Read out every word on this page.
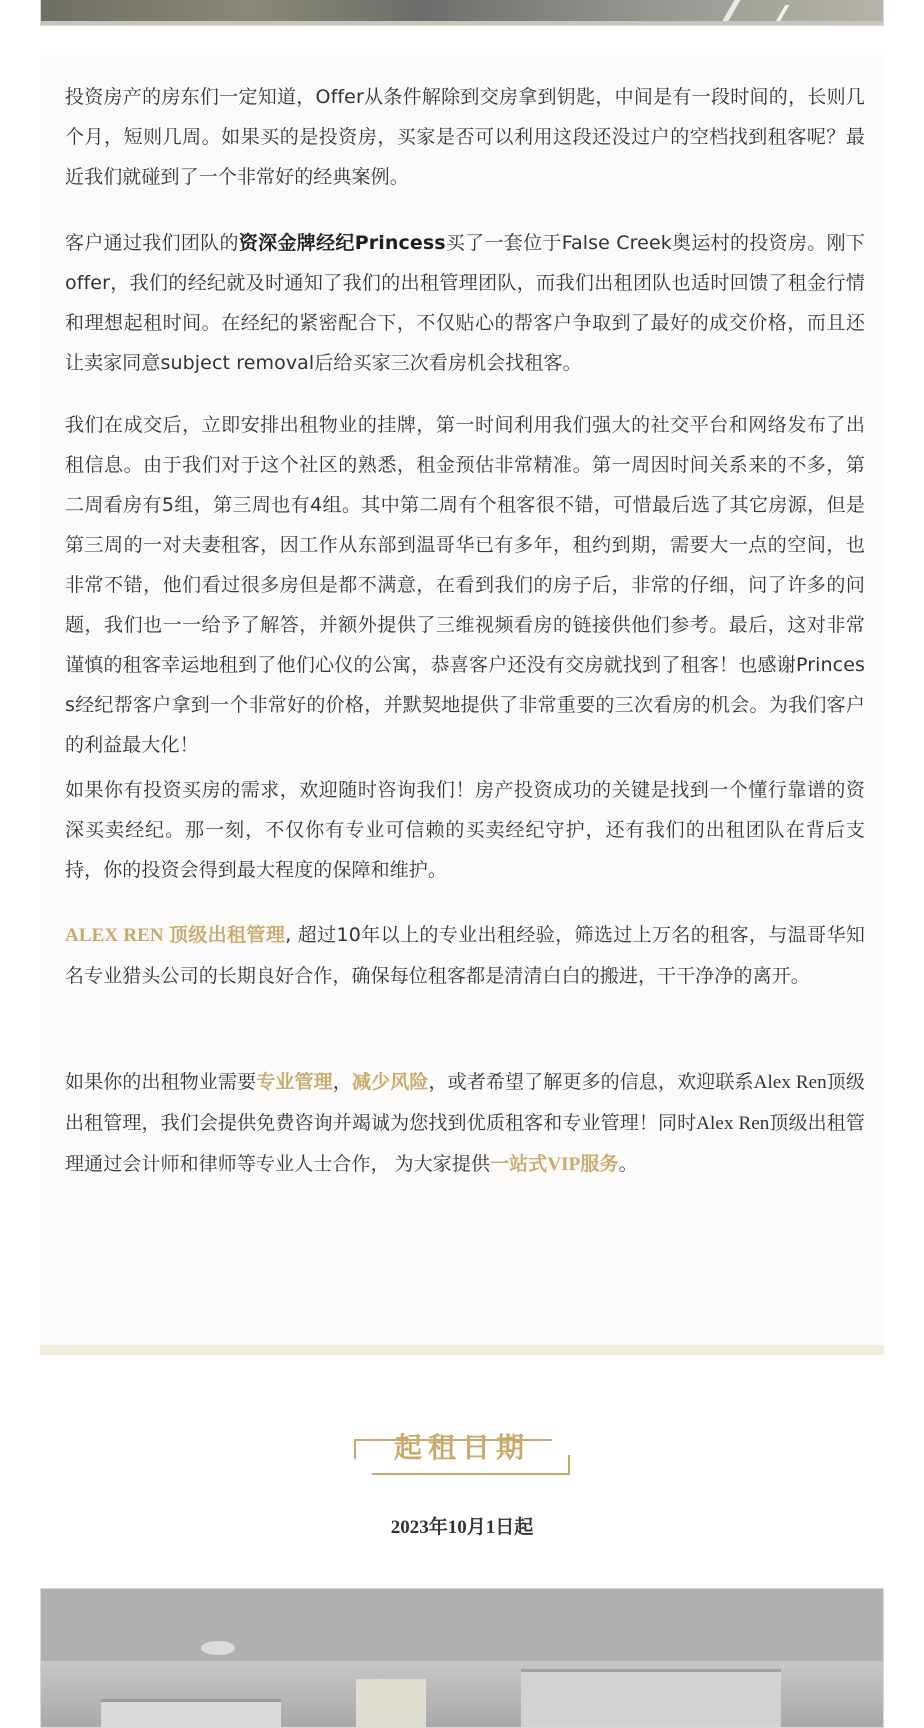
投资房产的房东们一定知道，Offer从条件解除到交房拿到钥匙，中间是有一段时间的，长则几个月，短则几周。如果买的是投资房，买家是否可以利用这段还没过户的空档找到租客呢？最近我们就碰到了一个非常好的经典案例。

客户通过我们团队的资深金牌经纪Princess买了一套位于False Creek奥运村的投资房。刚下offer，我们的经纪就及时通知了我们的出租管理团队，而我们出租团队也适时回馈了租金行情和理想起租时间。在经纪的紧密配合下，不仅贴心的帮客户争取到了最好的成交价格，而且还让卖家同意subject removal后给买家三次看房机会找租客。

我们在成交后，立即安排出租物业的挂牌，第一时间利用我们强大的社交平台和网络发布了出租信息。由于我们对于这个社区的熟悉，租金预估非常精准。第一周因时间关系来的不多，第二周看房有5组，第三周也有4组。其中第二周有个租客很不错，可惜最后选了其它房源，但是第三周的一对夫妻租客，因工作从东部到温哥华已有多年，租约到期，需要大一点的空间，也非常不错，他们看过很多房但是都不满意，在看到我们的房子后，非常的仔细，问了许多的问题，我们也一一给予了解答，并额外提供了三维视频看房的链接供他们参考。最后，这对非常谨慎的租客幸运地租到了他们心仪的公寓，恭喜客户还没有交房就找到了租客！也感谢Princess经纪帮客户拿到一个非常好的价格，并默契地提供了非常重要的三次看房的机会。为我们客户的利益最大化！

如果你有投资买房的需求，欢迎随时咨询我们！房产投资成功的关键是找到一个懂行靠谱的资深买卖经纪。那一刻，不仅你有专业可信赖的买卖经纪守护，还有我们的出租团队在背后支持，你的投资会得到最大程度的保障和维护。

ALEX REN 顶级出租管理, 超过10年以上的专业出租经验，筛选过上万名的租客，与温哥华知名专业猎头公司的长期良好合作，确保每位租客都是清清白白的搬进，干干净净的离开。

如果你的出租物业需要专业管理，减少风险，或者希望了解更多的信息，欢迎联系Alex Ren顶级出租管理，我们会提供免费咨询并竭诚为您找到优质租客和专业管理！同时Alex Ren顶级出租管理通过会计师和律师等专业人士合作， 为大家提供一站式VIP服务。

起租日期
2023年10月1日起
